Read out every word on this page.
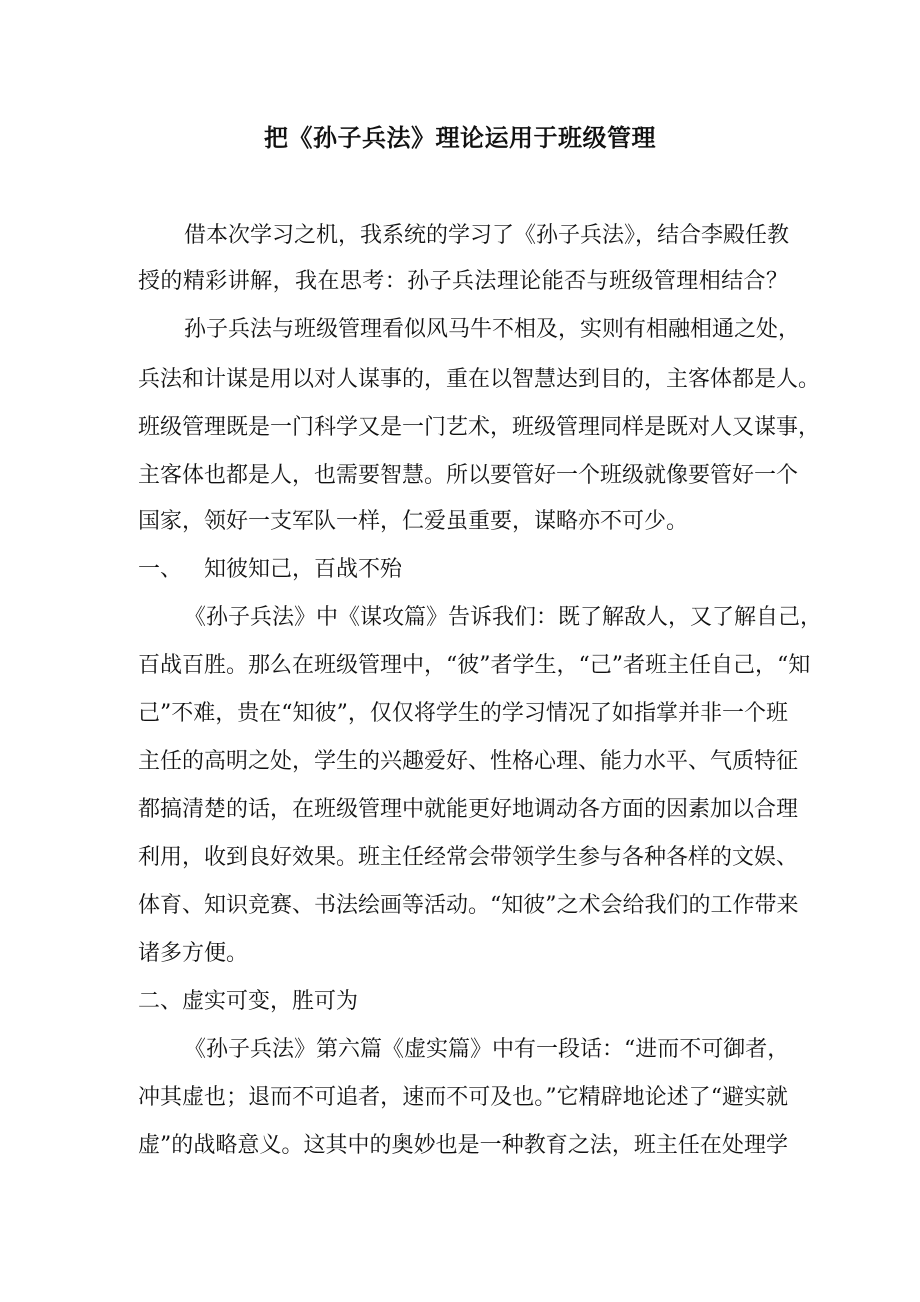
把《孙子兵法》理论运用于班级管理

借本次学习之机，我系统的学习了《孙子兵法》，结合李殿任教

授的精彩讲解，我在思考：孙子兵法理论能否与班级管理相结合？

孙子兵法与班级管理看似风马牛不相及，实则有相融相通之处，

兵法和计谋是用以对人谋事的，重在以智慧达到目的，主客体都是人。

班级管理既是一门科学又是一门艺术，班级管理同样是既对人又谋事，

主客体也都是人，也需要智慧。所以要管好一个班级就像要管好一个

国家，领好一支军队一样，仁爱虽重要，谋略亦不可少。

一、 知彼知己，百战不殆

《孙子兵法》中《谋攻篇》告诉我们：既了解敌人，又了解自己，

百战百胜。那么在班级管理中，“彼”者学生，“己”者班主任自己，“知

己”不难，贵在“知彼”，仅仅将学生的学习情况了如指掌并非一个班

主任的高明之处，学生的兴趣爱好、性格心理、能力水平、气质特征

都搞清楚的话，在班级管理中就能更好地调动各方面的因素加以合理

利用，收到良好效果。班主任经常会带领学生参与各种各样的文娱、

体育、知识竞赛、书法绘画等活动。“知彼”之术会给我们的工作带来

诸多方便。

二、虚实可变，胜可为

《孙子兵法》第六篇《虚实篇》中有一段话：“进而不可御者，

冲其虚也；退而不可追者，速而不可及也。”它精辟地论述了“避实就

虚”的战略意义。这其中的奥妙也是一种教育之法，班主任在处理学
